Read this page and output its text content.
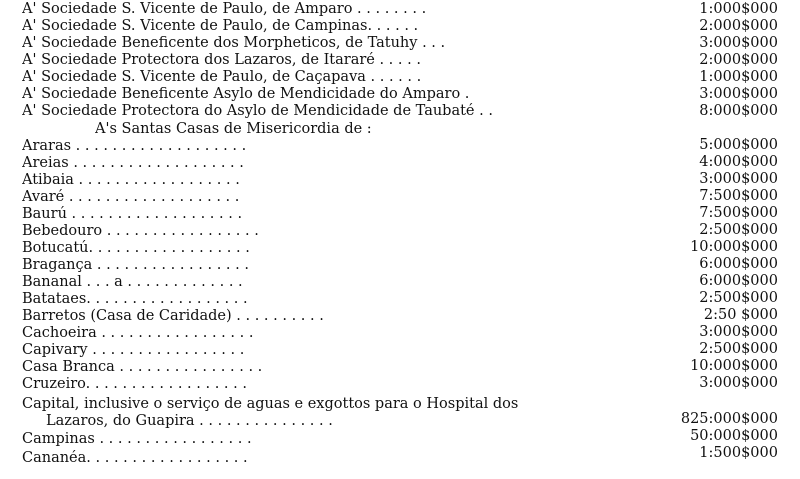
A' Sociedade S. Vicente de Paulo, de Amparo . . . . . . . .	1:000$000
A' Sociedade S. Vicente de Paulo, de Campinas. . . . . .	2:000$000
A' Sociedade Beneficente dos Morpheticos, de Tatuhy . . .	3:000$000
A' Sociedade Protectora dos Lazaros, de Itararé . . . . .	2:000$000
A' Sociedade S. Vicente de Paulo, de Caçapava . . . . . .	1:000$000
A' Sociedade Beneficente Asylo de Mendicidade do Amparo .	3:000$000
A' Sociedade Protectora do Asylo de Mendicidade de Taubaté . .	8:000$000
A's Santas Casas de Misericordia de :
Araras . . . . . . . . . . . . . . . . . . .	5:000$000
Areias . . . . . . . . . . . . . . . . . . .	4:000$000
Atibaia . . . . . . . . . . . . . . . . . .	3:000$000
Avaré . . . . . . . . . . . . . . . . . . .	7:500$000
Baurú . . . . . . . . . . . . . . . . . . .	7:500$000
Bebedouro . . . . . . . . . . . . . . . . .	2:500$000
Botucatú. . . . . . . . . . . . . . . . . .	10:000$000
Bragança . . . . . . . . . . . . . . . . .	6:000$000
Bananal . . . a . . . . . . . . . . . . .	6:000$000
Batataes. . . . . . . . . . . . . . . . . .	2:500$000
Barretos (Casa de Caridade) . . . . . . . . . .	2:50 $000
Cachoeira . . . . . . . . . . . . . . . . .	3:000$000
Capivary . . . . . . . . . . . . . . . . .	2:500$000
Casa Branca . . . . . . . . . . . . . . . .	10:000$000
Cruzeiro. . . . . . . . . . . . . . . . . .	3:000$000
Capital, inclusive o serviço de aguas e exgottos para o Hospital dos
Lazaros, do Guapira . . . . . . . . . . . . . . .	825:000$000
Campinas . . . . . . . . . . . . . . . . .	50:000$000
Cananéa. . . . . . . . . . . . . . . . . .	1:500$000
